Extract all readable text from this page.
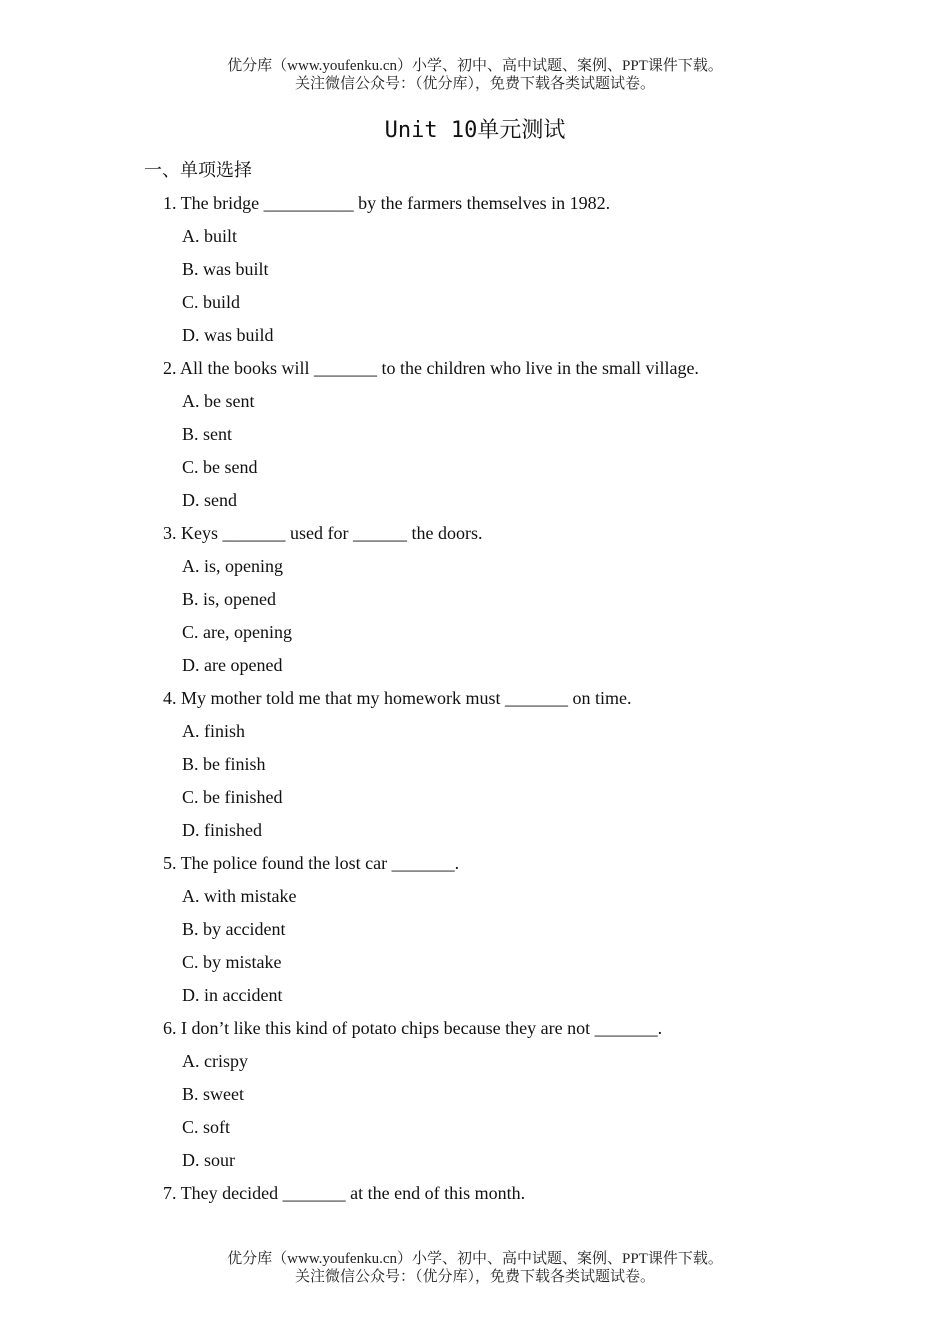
优分库（www.youfenku.cn）小学、初中、高中试题、案例、PPT课件下载。
关注微信公众号：（优分库），免费下载各类试题试卷。
Unit 10单元测试
一、单项选择
1. The bridge __________ by the farmers themselves in 1982.
A. built
B. was built
C. build
D. was build
2. All the books will _______ to the children who live in the small village.
A. be sent
B. sent
C. be send
D. send
3. Keys _______ used for ______ the doors.
A. is, opening
B. is, opened
C. are, opening
D. are opened
4. My mother told me that my homework must _______ on time.
A. finish
B. be finish
C. be finished
D. finished
5. The police found the lost car _______.
A. with mistake
B. by accident
C. by mistake
D. in accident
6. I don’t like this kind of potato chips because they are not _______.
A. crispy
B. sweet
C. soft
D. sour
7. They decided _______ at the end of this month.
优分库（www.youfenku.cn）小学、初中、高中试题、案例、PPT课件下载。
关注微信公众号：（优分库），免费下载各类试题试卷。
